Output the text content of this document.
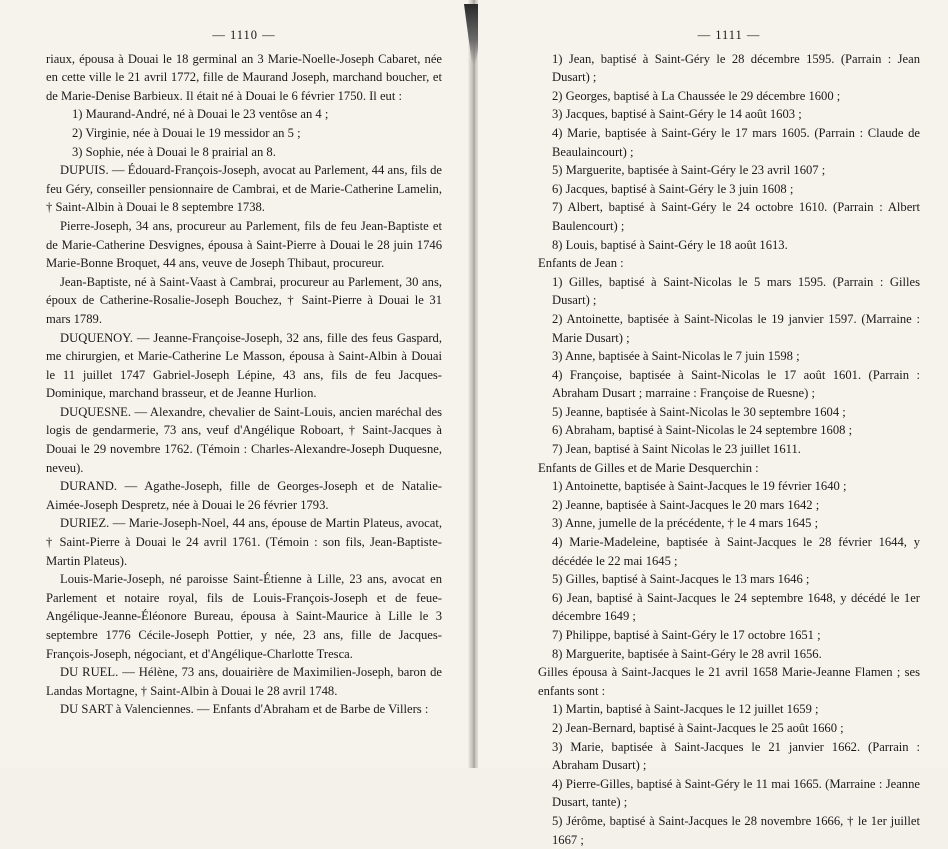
— 1110 —

riaux, épousa à Douai le 18 germinal an 3 Marie-Noelle-Joseph Cabaret, née en cette ville le 21 avril 1772, fille de Maurand Joseph, marchand boucher, et de Marie-Denise Barbieux. Il était né à Douai le 6 février 1750. Il eut :

1) Maurand-André, né à Douai le 23 ventôse an 4 ;

2) Virginie, née à Douai le 19 messidor an 5 ;

3) Sophie, née à Douai le 8 prairial an 8.

DUPUIS. — Édouard-François-Joseph, avocat au Parlement, 44 ans, fils de feu Géry, conseiller pensionnaire de Cambrai, et de Marie-Catherine Lamelin, † Saint-Albin à Douai le 8 septembre 1738.

Pierre-Joseph, 34 ans, procureur au Parlement, fils de feu Jean-Baptiste et de Marie-Catherine Desvignes, épousa à Saint-Pierre à Douai le 28 juin 1746 Marie-Bonne Broquet, 44 ans, veuve de Joseph Thibaut, procureur.

Jean-Baptiste, né à Saint-Vaast à Cambrai, procureur au Parlement, 30 ans, époux de Catherine-Rosalie-Joseph Bouchez, † Saint-Pierre à Douai le 31 mars 1789.

DUQUENOY. — Jeanne-Françoise-Joseph, 32 ans, fille des feus Gaspard, me chirurgien, et Marie-Catherine Le Masson, épousa à Saint-Albin à Douai le 11 juillet 1747 Gabriel-Joseph Lépine, 43 ans, fils de feu Jacques-Dominique, marchand brasseur, et de Jeanne Hurlion.

DUQUESNE. — Alexandre, chevalier de Saint-Louis, ancien maréchal des logis de gendarmerie, 73 ans, veuf d'Angélique Roboart, † Saint-Jacques à Douai le 29 novembre 1762. (Témoin : Charles-Alexandre-Joseph Duquesne, neveu).

DURAND. — Agathe-Joseph, fille de Georges-Joseph et de Natalie-Aimée-Joseph Despretz, née à Douai le 26 février 1793.

DURIEZ. — Marie-Joseph-Noel, 44 ans, épouse de Martin Plateus, avocat, † Saint-Pierre à Douai le 24 avril 1761. (Témoin : son fils, Jean-Baptiste-Martin Plateus).

Louis-Marie-Joseph, né paroisse Saint-Étienne à Lille, 23 ans, avocat en Parlement et notaire royal, fils de Louis-François-Joseph et de feue-Angélique-Jeanne-Éléonore Bureau, épousa à Saint-Maurice à Lille le 3 septembre 1776 Cécile-Joseph Pottier, y née, 23 ans, fille de Jacques-François-Joseph, négociant, et d'Angélique-Charlotte Tresca.

DU RUEL. — Hélène, 73 ans, douairière de Maximilien-Joseph, baron de Landas Mortagne, † Saint-Albin à Douai le 28 avril 1748.

DU SART à Valenciennes. — Enfants d'Abraham et de Barbe de Villers :

— 1111 —

1) Jean, baptisé à Saint-Géry le 28 décembre 1595. (Parrain : Jean Dusart) ;

2) Georges, baptisé à La Chaussée le 29 décembre 1600 ;

3) Jacques, baptisé à Saint-Géry le 14 août 1603 ;

4) Marie, baptisée à Saint-Géry le 17 mars 1605. (Parrain : Claude de Beaulaincourt) ;

5) Marguerite, baptisée à Saint-Géry le 23 avril 1607 ;

6) Jacques, baptisé à Saint-Géry le 3 juin 1608 ;

7) Albert, baptisé à Saint-Géry le 24 octobre 1610. (Parrain : Albert Baulencourt) ;

8) Louis, baptisé à Saint-Géry le 18 août 1613.

Enfants de Jean :

1) Gilles, baptisé à Saint-Nicolas le 5 mars 1595. (Parrain : Gilles Dusart) ;

2) Antoinette, baptisée à Saint-Nicolas le 19 janvier 1597. (Marraine : Marie Dusart) ;

3) Anne, baptisée à Saint-Nicolas le 7 juin 1598 ;

4) Françoise, baptisée à Saint-Nicolas le 17 août 1601. (Parrain : Abraham Dusart ; marraine : Françoise de Ruesne) ;

5) Jeanne, baptisée à Saint-Nicolas le 30 septembre 1604 ;

6) Abraham, baptisé à Saint-Nicolas le 24 septembre 1608 ;

7) Jean, baptisé à Saint Nicolas le 23 juillet 1611.

Enfants de Gilles et de Marie Desquerchin :

1) Antoinette, baptisée à Saint-Jacques le 19 février 1640 ;

2) Jeanne, baptisée à Saint-Jacques le 20 mars 1642 ;

3) Anne, jumelle de la précédente, † le 4 mars 1645 ;

4) Marie-Madeleine, baptisée à Saint-Jacques le 28 février 1644, y décédée le 22 mai 1645 ;

5) Gilles, baptisé à Saint-Jacques le 13 mars 1646 ;

6) Jean, baptisé à Saint-Jacques le 24 septembre 1648, y décédé le 1er décembre 1649 ;

7) Philippe, baptisé à Saint-Géry le 17 octobre 1651 ;

8) Marguerite, baptisée à Saint-Géry le 28 avril 1656.

Gilles épousa à Saint-Jacques le 21 avril 1658 Marie-Jeanne Flamen ; ses enfants sont :

1) Martin, baptisé à Saint-Jacques le 12 juillet 1659 ;

2) Jean-Bernard, baptisé à Saint-Jacques le 25 août 1660 ;

3) Marie, baptisée à Saint-Jacques le 21 janvier 1662. (Parrain : Abraham Dusart) ;

4) Pierre-Gilles, baptisé à Saint-Géry le 11 mai 1665. (Marraine : Jeanne Dusart, tante) ;

5) Jérôme, baptisé à Saint-Jacques le 28 novembre 1666, † le 1er juillet 1667 ;
